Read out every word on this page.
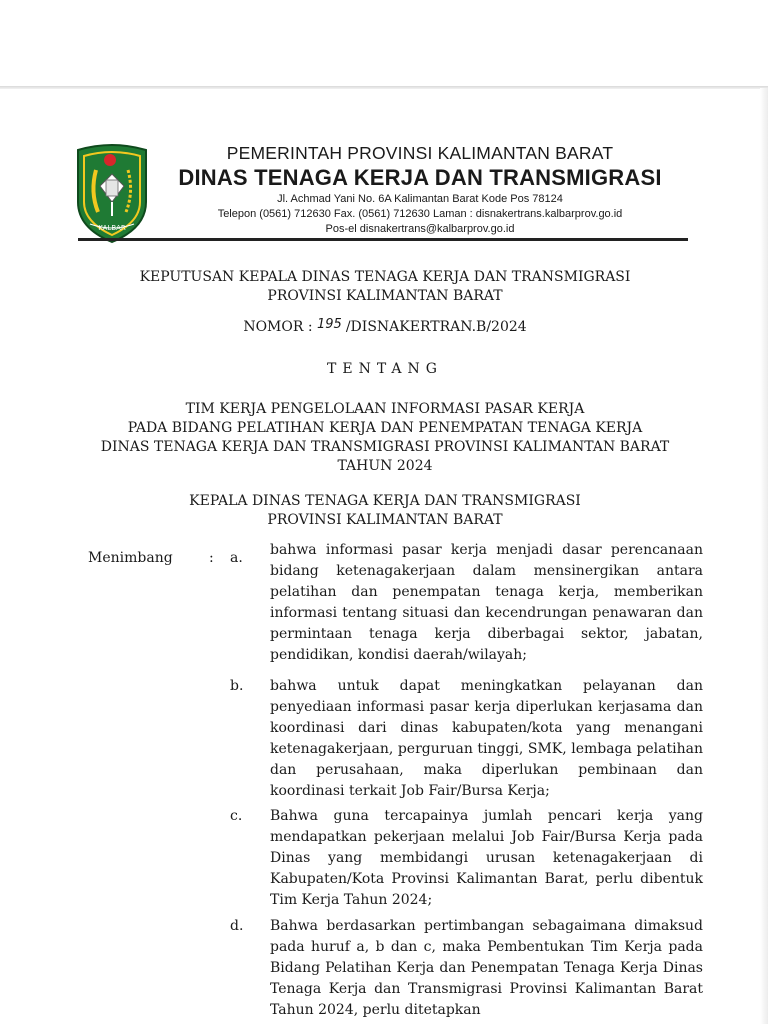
KALBAR

PEMERINTAH PROVINSI KALIMANTAN BARAT

DINAS TENAGA KERJA DAN TRANSMIGRASI

Jl. Achmad Yani No. 6A Kalimantan Barat Kode Pos 78124

Telepon (0561) 712630 Fax. (0561) 712630 Laman : disnakertrans.kalbarprov.go.id

Pos-el disnakertrans@kalbarprov.go.id

KEPUTUSAN KEPALA DINAS TENAGA KERJA DAN TRANSMIGRASI

PROVINSI KALIMANTAN BARAT

NOMOR : 195 /DISNAKERTRAN.B/2024

TENTANG

TIM KERJA PENGELOLAAN INFORMASI PASAR KERJA

PADA BIDANG PELATIHAN KERJA DAN PENEMPATAN TENAGA KERJA

DINAS TENAGA KERJA DAN TRANSMIGRASI PROVINSI KALIMANTAN BARAT

TAHUN 2024

KEPALA DINAS TENAGA KERJA DAN TRANSMIGRASI

PROVINSI KALIMANTAN BARAT

Menimbang	: a.	bahwa informasi pasar kerja menjadi dasar perencanaan bidang ketenagakerjaan dalam mensinergikan antara pelatihan dan penempatan tenaga kerja, memberikan informasi tentang situasi dan kecendrungan penawaran dan permintaan tenaga kerja diberbagai sektor, jabatan, pendidikan, kondisi daerah/wilayah;
b.	bahwa untuk dapat meningkatkan pelayanan dan penyediaan informasi pasar kerja diperlukan kerjasama dan koordinasi dari dinas kabupaten/kota yang menangani ketenagakerjaan, perguruan tinggi, SMK, lembaga pelatihan dan perusahaan, maka diperlukan pembinaan dan koordinasi terkait Job Fair/Bursa Kerja;
c.	Bahwa guna tercapainya jumlah pencari kerja yang mendapatkan pekerjaan melalui Job Fair/Bursa Kerja pada Dinas yang membidangi urusan ketenagakerjaan di Kabupaten/Kota Provinsi Kalimantan Barat, perlu dibentuk Tim Kerja Tahun 2024;
d.	Bahwa berdasarkan pertimbangan sebagaimana dimaksud pada huruf a, b dan c, maka Pembentukan Tim Kerja pada Bidang Pelatihan Kerja dan Penempatan Tenaga Kerja Dinas Tenaga Kerja dan Transmigrasi Provinsi Kalimantan Barat Tahun 2024, perlu ditetapkan
